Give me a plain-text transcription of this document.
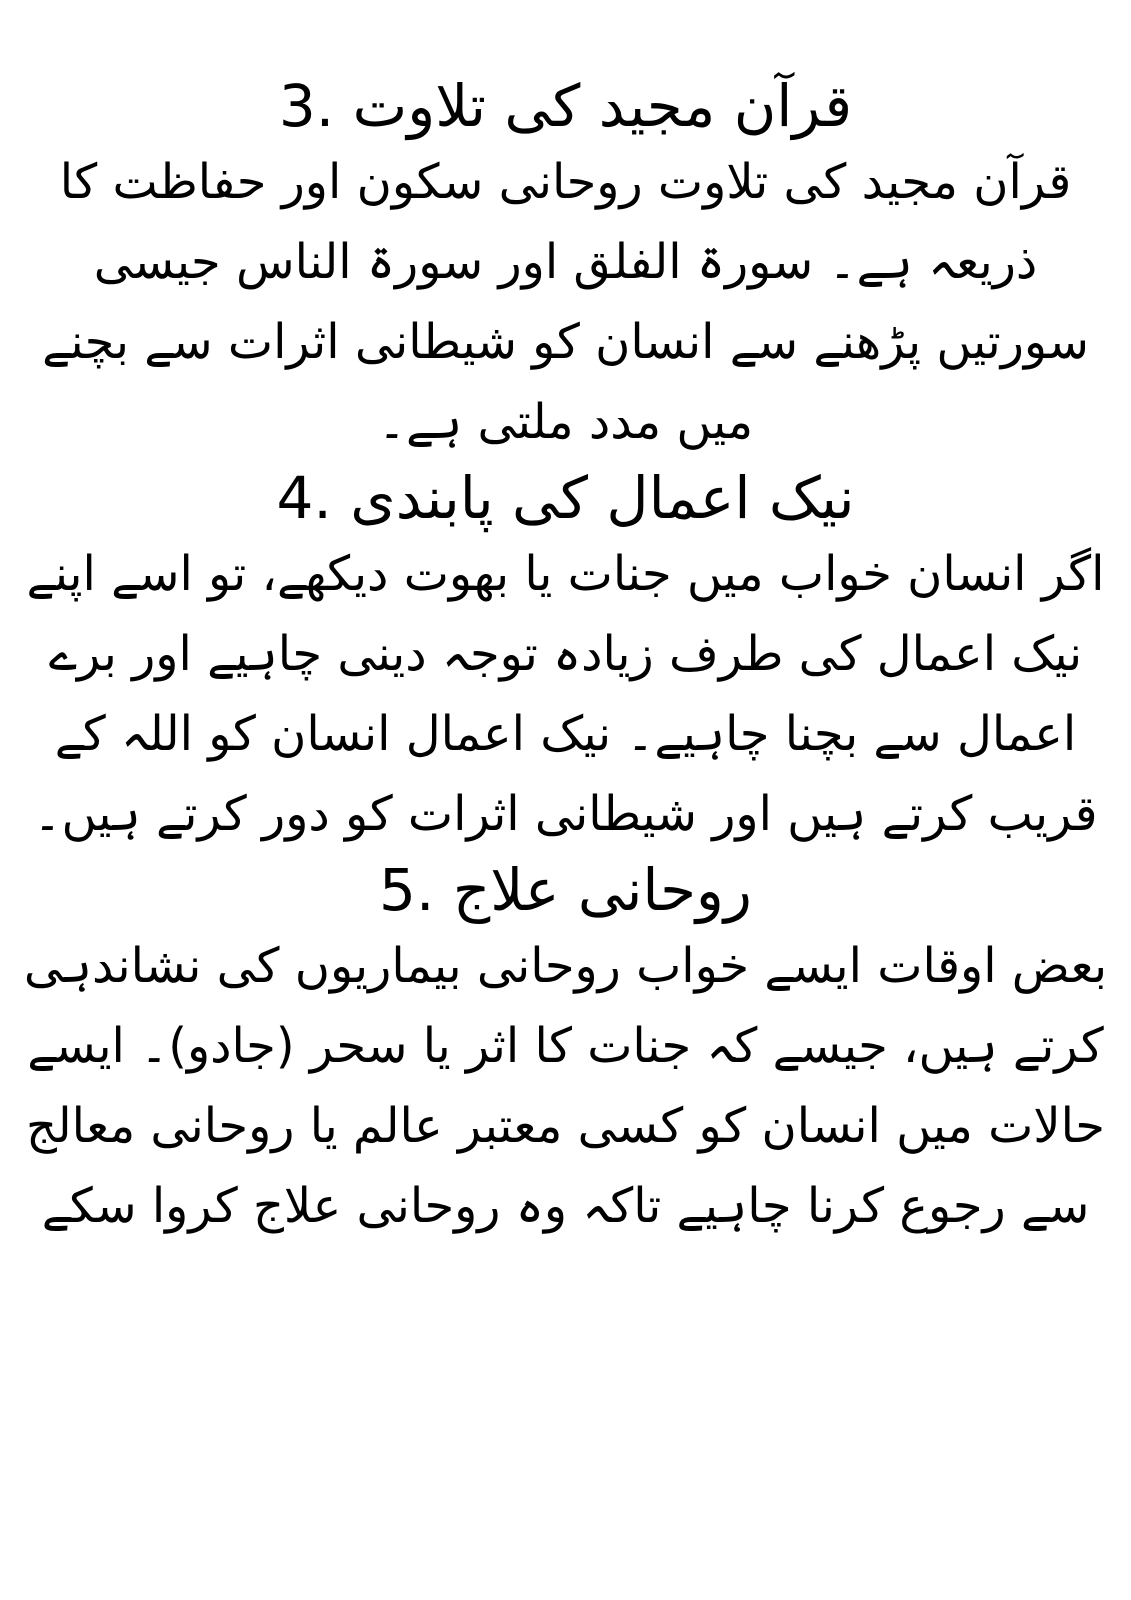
قرآن مجید کی تلاوت .3

قرآن مجید کی تلاوت روحانی سکون اور حفاظت کا ذریعہ ہے۔ سورۃ الفلق اور سورۃ الناس جیسی سورتیں پڑھنے سے انسان کو شیطانی اثرات سے بچنے میں مدد ملتی ہے۔

نیک اعمال کی پابندی .4

اگر انسان خواب میں جنات یا بھوت دیکھے، تو اسے اپنے نیک اعمال کی طرف زیادہ توجہ دینی چاہیے اور برے اعمال سے بچنا چاہیے۔ نیک اعمال انسان کو اللہ کے قریب کرتے ہیں اور شیطانی اثرات کو دور کرتے ہیں۔

روحانی علاج .5

بعض اوقات ایسے خواب روحانی بیماریوں کی نشاندہی کرتے ہیں، جیسے کہ جنات کا اثر یا سحر (جادو)۔ ایسے حالات میں انسان کو کسی معتبر عالم یا روحانی معالج سے رجوع کرنا چاہیے تاکہ وہ روحانی علاج کروا سکے
